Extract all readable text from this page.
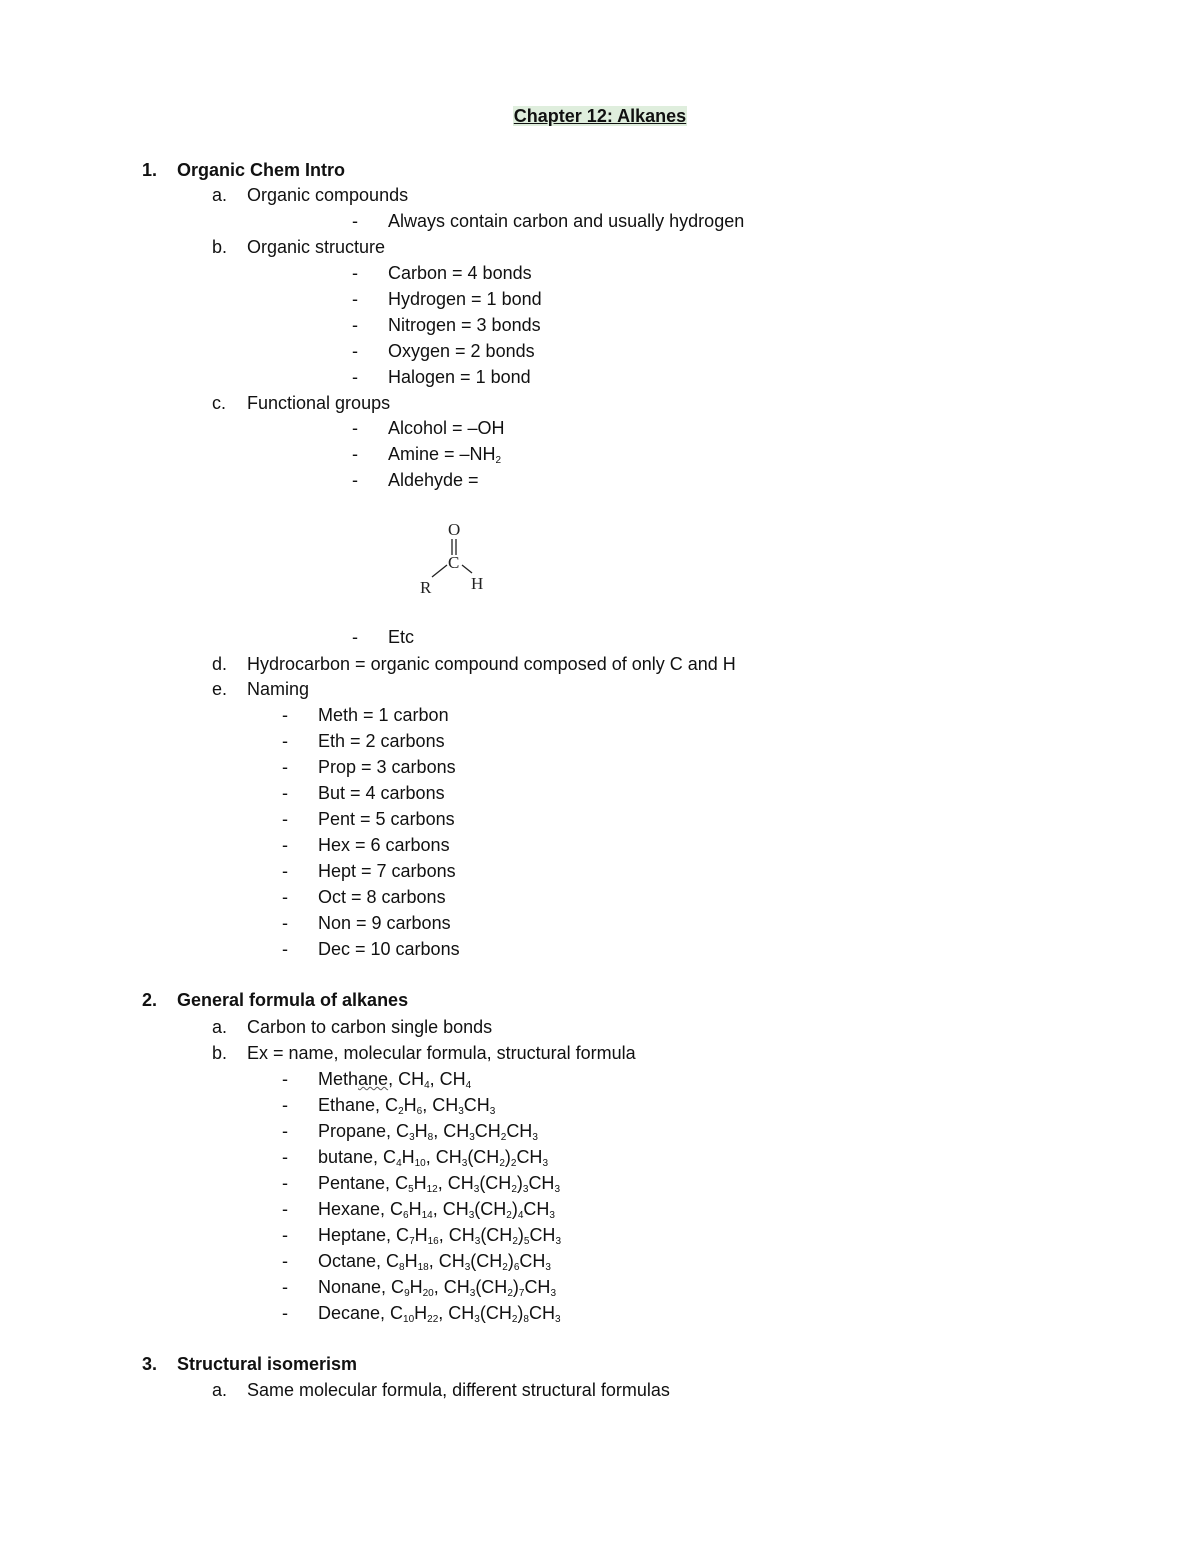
Chapter 12: Alkanes
1. Organic Chem Intro
a. Organic compounds
- Always contain carbon and usually hydrogen
b. Organic structure
- Carbon = 4 bonds
- Hydrogen = 1 bond
- Nitrogen = 3 bonds
- Oxygen = 2 bonds
- Halogen = 1 bond
c. Functional groups
- Alcohol = –OH
- $Amine = -NH_2$
- Aldehyde =
O
C
R H
- Etc
d. Hydrocarbon = organic compound composed of only C and H
e. Naming
- Meth = 1 carbon
- Eth = 2 carbons
- Prop = 3 carbons
- But = 4 carbons
- Pent = 5 carbons
- Hex = 6 carbons
- Hept = 7 carbons
- Oct = 8 carbons
- Non = 9 carbons
- Dec = 10 carbons
2. General formula of alkanes
a. Carbon to carbon single bonds
b. Ex = name, molecular formula, structural formula
- Methane, $CH_4$, $CH_4$
- Ethane, $C_2H_6$, $CH_3CH_3$
- Propane, $C_3H_8$, $CH_3CH_2CH_3$
- butane, $C_4H_{10}$, $CH_3(CH_2)_2CH_3$
- Pentane, $C_5H_{12}$, $CH_3(CH_2)_3CH_3$
- Hexane, $C_6H_{14}$, $CH_3(CH_2)_4CH_3$
- Heptane, $C_7H_{16}$, $CH_3(CH_2)_5CH_3$
- Octane, $C_8H_{18}$, $CH_3(CH_2)_6CH_3$
- Nonane, $C_9H_{20}$, $CH_3(CH_2)_7CH_3$
- Decane, $C_{10}H_{22}$, $CH_3(CH_2)_8CH_3$
3. Structural isomerism
a. Same molecular formula, different structural formulas
